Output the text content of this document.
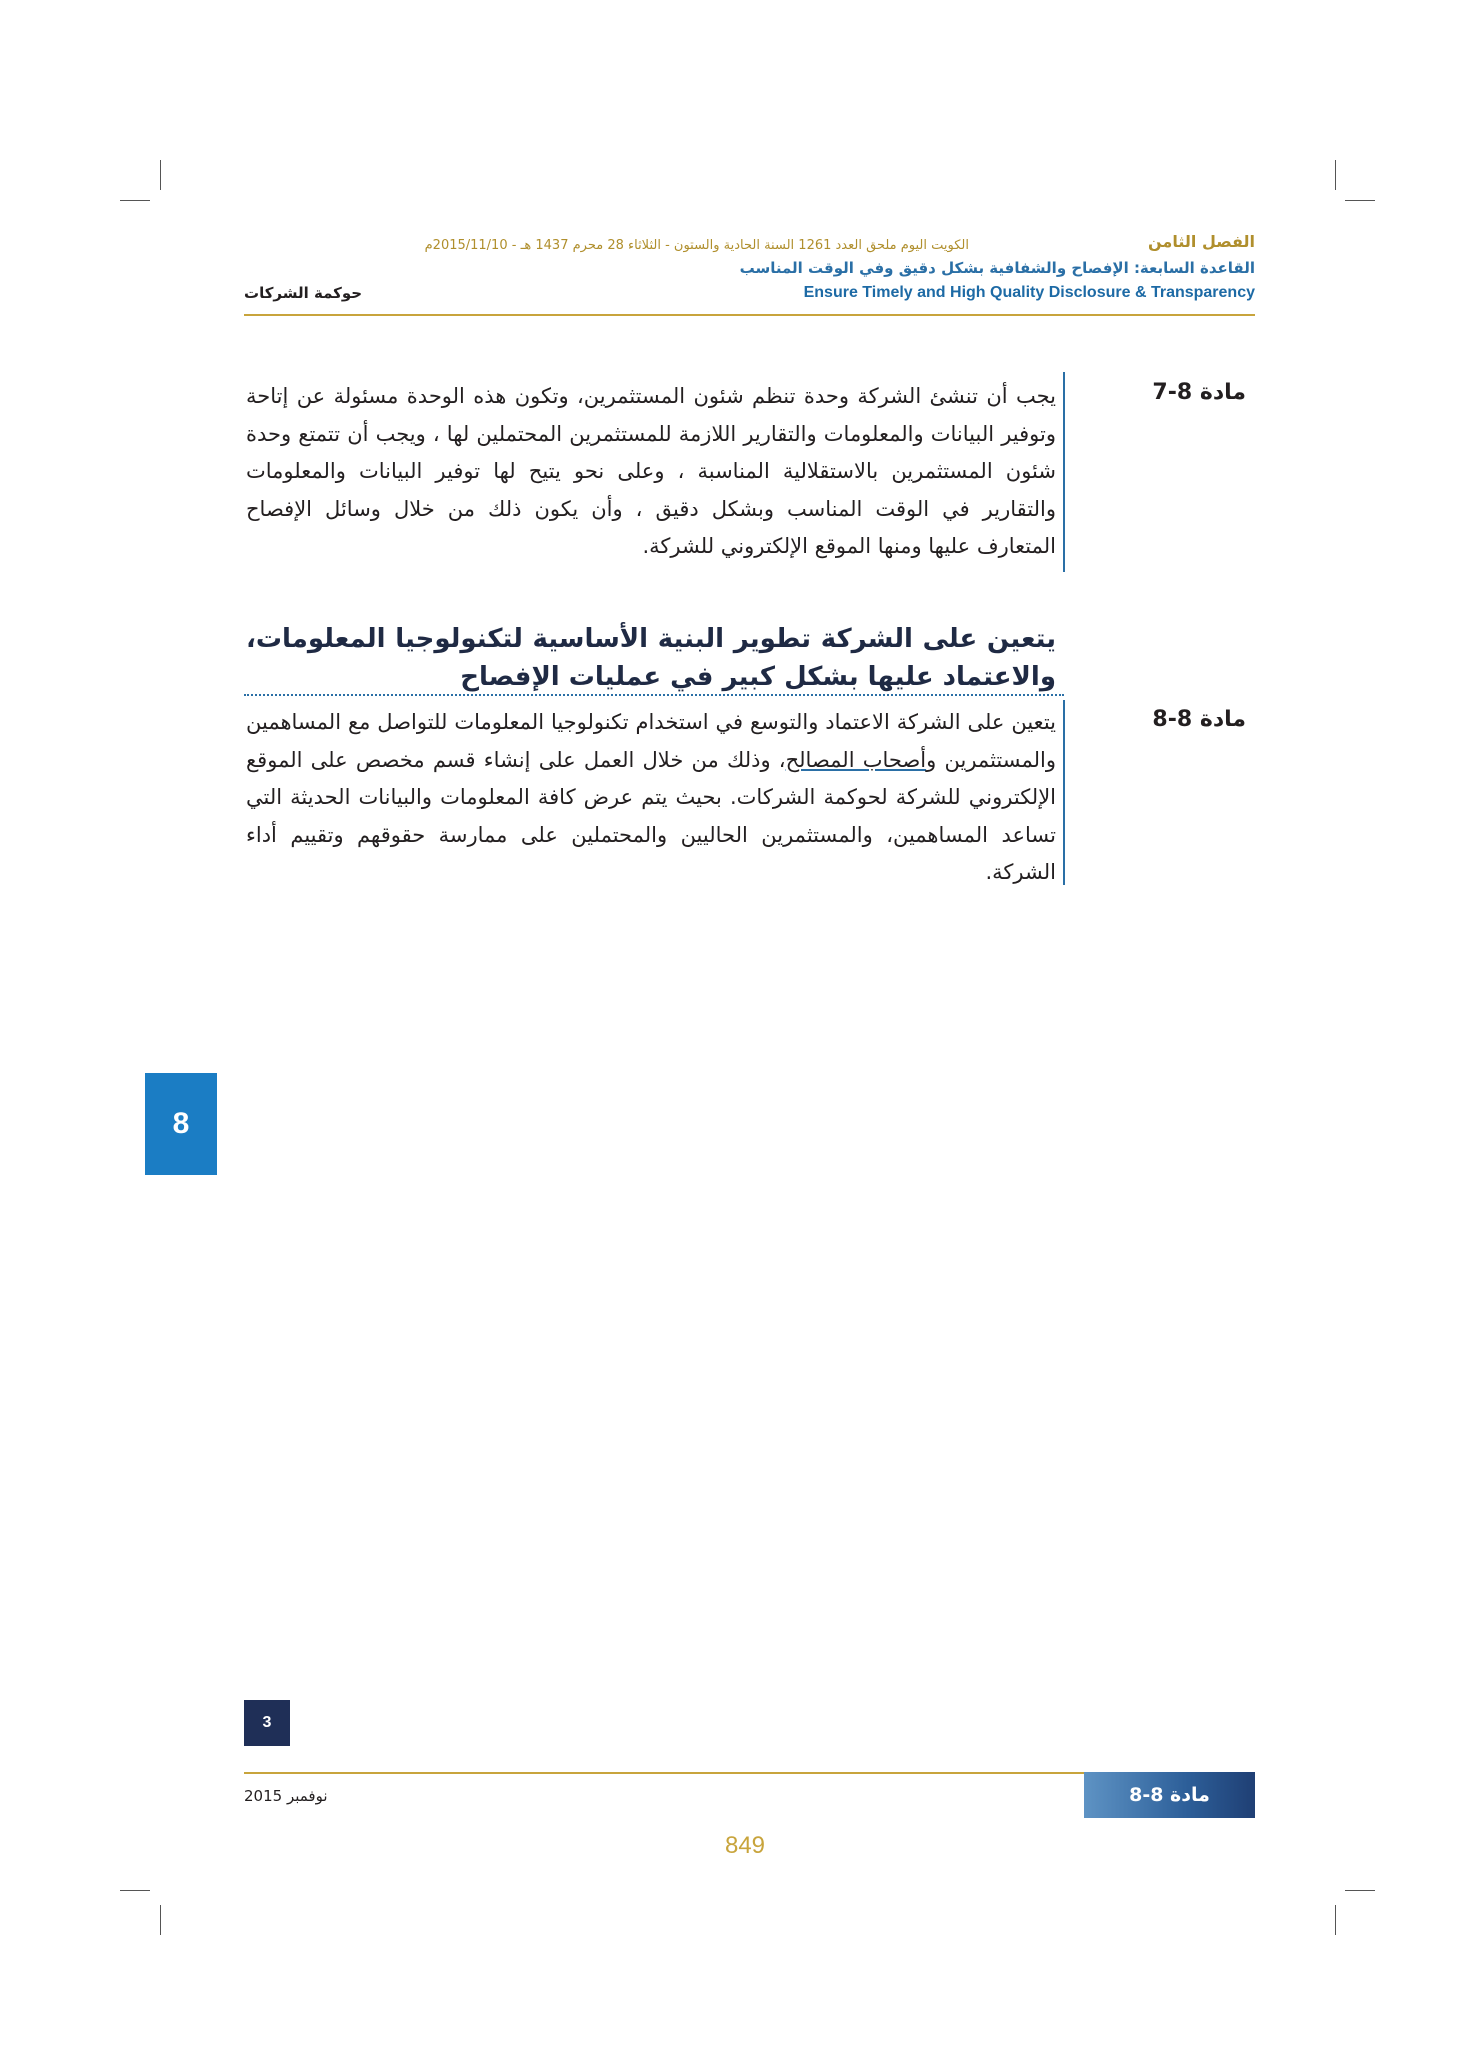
الفصل الثامن
الكويت اليوم ملحق العدد 1261 السنة الحادية والستون - الثلاثاء 28 محرم 1437 هـ - 2015/11/10م
القاعدة السابعة: الإفصاح والشفافية بشكل دقيق وفي الوقت المناسب
حوكمة الشركات	Ensure Timely and High Quality Disclosure & Transparency
مادة 8-7
يجب أن تنشئ الشركة وحدة تنظم شئون المستثمرين، وتكون هذه الوحدة مسئولة عن إتاحة وتوفير البيانات والمعلومات والتقارير اللازمة للمستثمرين المحتملين لها ، ويجب أن تتمتع وحدة شئون المستثمرين بالاستقلالية المناسبة ، وعلى نحو يتيح لها توفير البيانات والمعلومات والتقارير في الوقت المناسب وبشكل دقيق ، وأن يكون ذلك من خلال وسائل الإفصاح المتعارف عليها ومنها الموقع الإلكتروني للشركة.
يتعين على الشركة تطوير البنية الأساسية لتكنولوجيا المعلومات، والاعتماد عليها بشكل كبير في عمليات الإفصاح
مادة 8-8
يتعين على الشركة الاعتماد والتوسع في استخدام تكنولوجيا المعلومات للتواصل مع المساهمين والمستثمرين وأصحاب المصالح، وذلك من خلال العمل على إنشاء قسم مخصص على الموقع الإلكتروني للشركة لحوكمة الشركات. بحيث يتم عرض كافة المعلومات والبيانات الحديثة التي تساعد المساهمين، والمستثمرين الحاليين والمحتملين على ممارسة حقوقهم وتقييم أداء الشركة.
8
3
نوفمبر 2015	مادة 8-8
849
